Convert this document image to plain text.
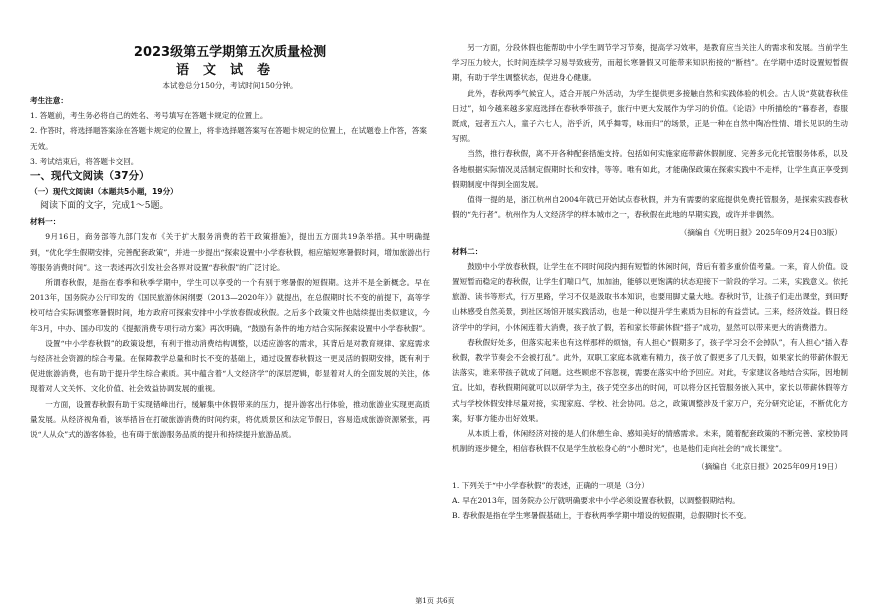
2023级第五学期第五次质量检测
语文试卷
本试卷总分150分，考试时间150分钟。
考生注意：

1. 答题前，考生务必将自己的姓名、考号填写在答题卡规定的位置上。

2. 作答时，将选择题答案涂在答题卡规定的位置上，将非选择题答案写在答题卡规定的位置上，在试题卷上作答，答案无效。

3. 考试结束后，将答题卡交回。

一、现代文阅读（37分）
（一）现代文阅读Ⅰ（本题共5小题，19分）
阅读下面的文字，完成1～5题。
材料一：

9月16日，商务部等九部门发布《关于扩大服务消费的若干政策措施》，提出五方面共19条举措。其中明确提到，“优化学生假期安排，完善配套政策”，并进一步提出“探索设置中小学春秋假，相应缩短寒暑假时间，增加旅游出行等服务消费时间”。这一表述再次引发社会各界对设置“春秋假”的广泛讨论。

所谓春秋假，是指在春季和秋季学期中，学生可以享受的一个有别于寒暑假的短假期。这并不是全新概念。早在2013年，国务院办公厅印发的《国民旅游休闲纲要（2013—2020年）》就提出，在总假期时长不变的前提下，高等学校可结合实际调整寒暑假时间，地方政府可探索安排中小学放春假或秋假。之后多个政策文件也陆续提出类似建议，今年3月，中办、国办印发的《提振消费专项行动方案》再次明确，“鼓励有条件的地方结合实际探索设置中小学春秋假”。

设置“中小学春秋假”的政策设想，有利于推动消费结构调整，以适应游客的需求，其背后是对教育规律、家庭需求与经济社会资源的综合考量。在保障教学总量和时长不变的基础上，通过设置春秋假这一更灵活的假期安排，既有利于促进旅游消费，也有助于提升学生综合素质。其中蕴含着“人文经济学”的深层逻辑，彰显着对人的全面发展的关注，体现着对人文关怀、文化价值、社会效益协调发展的重视。

一方面，设置春秋假有助于实现错峰出行，缓解集中休假带来的压力，提升游客出行体验，推动旅游业实现更高质量发展。从经济视角看，该举措旨在打破旅游消费的时间约束，将优质景区和法定节假日，容易造成旅游资源紧张，再说“人从众”式的游客体验，也有碍于旅游服务品质的提升和持续提升旅游品质。

另一方面，分段休假也能帮助中小学生调节学习节奏，提高学习效率，是教育应当关注人的需求和发展。当前学生学习压力较大，长时间连续学习易导致疲劳，而超长寒暑假又可能带来知识衔接的“断档”。在学期中适时设置短暂假期，有助于学生调整状态，促进身心健康。

此外，春秋两季气候宜人，适合开展户外活动，为学生提供更多接触自然和实践体验的机会。古人说“莫就春秋佳日过”，如今越来越多家庭选择在春秋季带孩子，旅行中更大发展作为学习的价值。《论语》中所描绘的“暮春者，春服既成，冠者五六人，童子六七人，浴乎沂，风乎舞雩，咏而归”的场景，正是一种在自然中陶冶性情、增长见识的生动写照。

当然，推行春秋假，离不开各种配套措施支持。包括如何实施家庭带薪休假制度、完善多元化托管服务体系，以及各地根据实际情况灵活制定假期时长和安排，等等。唯有如此，才能确保政策在探索实践中不走样，让学生真正享受到假期制度中得到全面发展。

值得一提的是，浙江杭州自2004年就已开始试点春秋假，并为有需要的家庭提供免费托管服务，是探索实践春秋假的“先行者”。杭州作为人文经济学的样本城市之一，春秋假在此地的早期实践，或许并非偶然。

（摘编自《光明日报》2025年09月24日03版）

材料二：

鼓励中小学放春秋假，让学生在不同时间段内拥有短暂的休闲时间，背后有着多重价值考量。一来，育人价值。设置短暂而稳定的春秋假，让学生们喘口气，加加油，能够以更饱满的状态迎接下一阶段的学习。二来，实践意义。依托旅游、读书等形式，行万里路，学习不仅是汲取书本知识，也要用脚丈量大地。春秋时节，让孩子们走出课堂，到田野山林感受自然美景，到社区场馆开展实践活动，也是一种以提升学生素质为目标的有益尝试。三来，经济效益。假日经济学中的学问，小休闲连着大消费，孩子放了假，若和家长带薪休假“搭子”成功，显然可以带来更大的消费潜力。

春秋假好处多，但落实起来也有这样那样的烦恼，有人担心“假期多了，孩子学习会不会掉队”，有人担心“插入春秋假，教学节奏会不会被打乱”。此外，双职工家庭本就难有精力，孩子放了假更多了几天假，如果家长的带薪休假无法落实，谁来带孩子就成了问题。这些顾虑不容忽视，需要在落实中给予回应。对此，专家建议各地结合实际，因地制宜。比如，春秋假期间就可以以研学为主，孩子凭空多出的时间，可以将分区托管服务嵌入其中，家长以带薪休假等方式与学校休假安排尽量对接，实现家庭、学校、社会协同。总之，政策调整涉及千家万户，充分研究论证，不断优化方案，好事方能办出好效果。

从本质上看，休闲经济对接的是人们休憩生命、感知美好的情感需求。未来，随着配套政策的不断完善、家校协同机制的逐步健全，相信春秋假不仅是学生放松身心的“小憩时光”，也是他们走向社会的“成长课堂”。

（摘编自《北京日报》2025年09月19日）

1. 下列关于“中小学春秋假”的表述，正确的一项是（3分）

A. 早在2013年，国务院办公厅就明确要求中小学必须设置春秋假，以调整假期结构。

B. 春秋假是指在学生寒暑假基础上，于春秋两季学期中增设的短假期，总假期时长不变。

第1页 共6页
